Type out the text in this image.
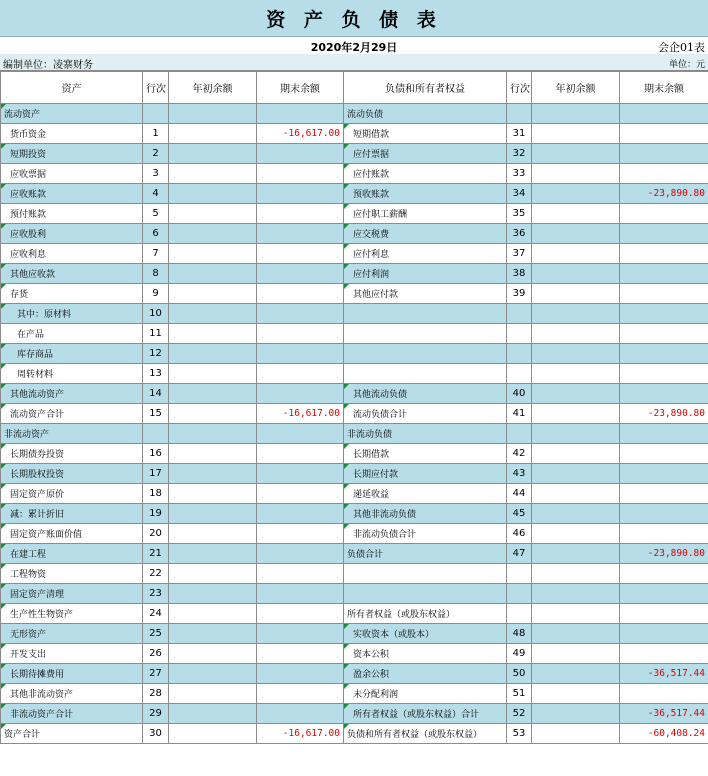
资 产 负 债 表
2020年2月29日	会企01表
编制单位：凌寨财务	单位：元
资产	行次	年初余额	期末余额	负债和所有者权益	行次	年初余额	期末余额
流动资产				流动负债			
货币资金	1		-16,617.00	短期借款	31		
短期投资	2			应付票据	32		
应收票据	3			应付账款	33		
应收账款	4			预收账款	34		-23,890.80
预付账款	5			应付职工薪酬	35		
应收股利	6			应交税费	36		
应收利息	7			应付利息	37		
其他应收款	8			应付利润	38		
存货	9			其他应付款	39		
其中：原材料	10						
在产品	11						
库存商品	12						
周转材料	13						
其他流动资产	14			其他流动负债	40		
流动资产合计	15		-16,617.00	流动负债合计	41		-23,890.80
非流动资产				非流动负债			
长期债券投资	16			长期借款	42		
长期股权投资	17			长期应付款	43		
固定资产原价	18			递延收益	44		
减：累计折旧	19			其他非流动负债	45		
固定资产账面价值	20			非流动负债合计	46		
在建工程	21			负债合计	47		-23,890.80
工程物资	22						
固定资产清理	23						
生产性生物资产	24			所有者权益（或股东权益）			
无形资产	25			实收资本（或股本）	48		
开发支出	26			资本公积	49		
长期待摊费用	27			盈余公积	50		-36,517.44
其他非流动资产	28			未分配利润	51		
非流动资产合计	29			所有者权益（或股东权益）合计	52		-36,517.44
资产合计	30		-16,617.00	负债和所有者权益（或股东权益）	53		-60,408.24
